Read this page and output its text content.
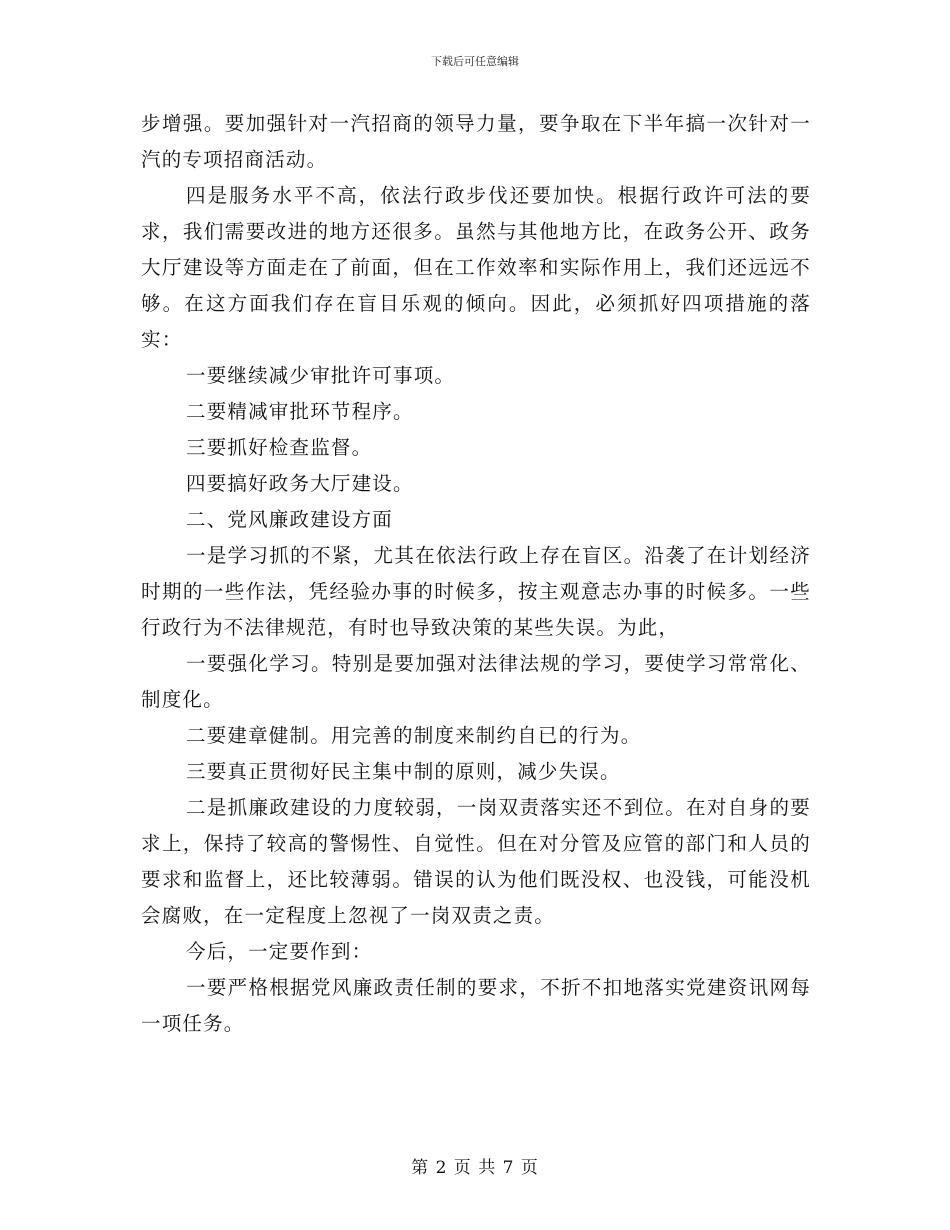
下载后可任意编辑

步增强。要加强针对一汽招商的领导力量，要争取在下半年搞一次针对一汽的专项招商活动。

四是服务水平不高，依法行政步伐还要加快。根据行政许可法的要求，我们需要改进的地方还很多。虽然与其他地方比，在政务公开、政务大厅建设等方面走在了前面，但在工作效率和实际作用上，我们还远远不够。在这方面我们存在盲目乐观的倾向。因此，必须抓好四项措施的落实：

一要继续减少审批许可事项。

二要精减审批环节程序。

三要抓好检查监督。

四要搞好政务大厅建设。

二、党风廉政建设方面

一是学习抓的不紧，尤其在依法行政上存在盲区。沿袭了在计划经济时期的一些作法，凭经验办事的时候多，按主观意志办事的时候多。一些行政行为不法律规范，有时也导致决策的某些失误。为此，

一要强化学习。特别是要加强对法律法规的学习，要使学习常常化、制度化。

二要建章健制。用完善的制度来制约自已的行为。

三要真正贯彻好民主集中制的原则，减少失误。

二是抓廉政建设的力度较弱，一岗双责落实还不到位。在对自身的要求上，保持了较高的警惕性、自觉性。但在对分管及应管的部门和人员的要求和监督上，还比较薄弱。错误的认为他们既没权、也没钱，可能没机会腐败，在一定程度上忽视了一岗双责之责。

今后，一定要作到：

一要严格根据党风廉政责任制的要求，不折不扣地落实党建资讯网每一项任务。

第 2 页 共 7 页
